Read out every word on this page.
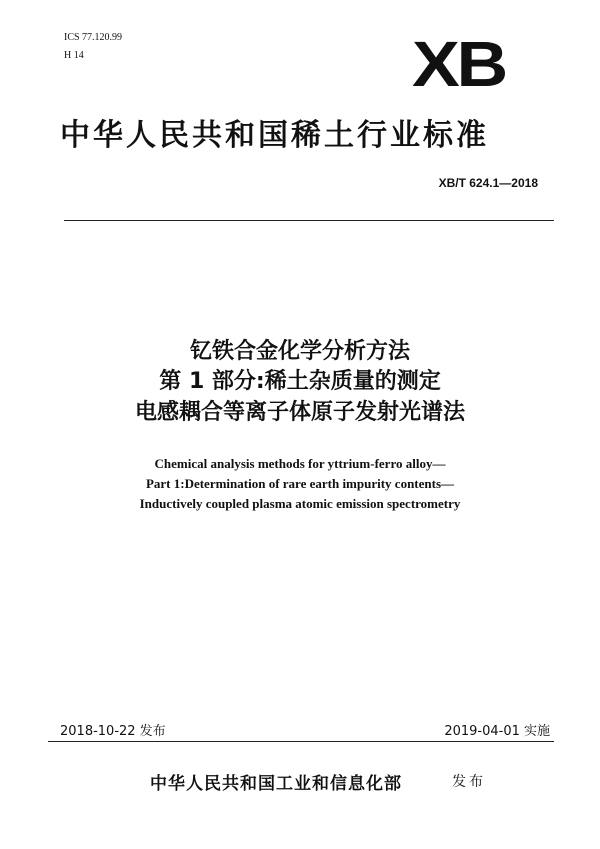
ICS 77.120.99
H 14	XB
中华人民共和国稀土行业标准
XB/T 624.1—2018
钇铁合金化学分析方法
第 1 部分:稀土杂质量的测定
电感耦合等离子体原子发射光谱法
Chemical analysis methods for yttrium-ferro alloy—
Part 1:Determination of rare earth impurity contents—
Inductively coupled plasma atomic emission spectrometry
2018-10-22 发布	2019-04-01 实施
中华人民共和国工业和信息化部	发布
